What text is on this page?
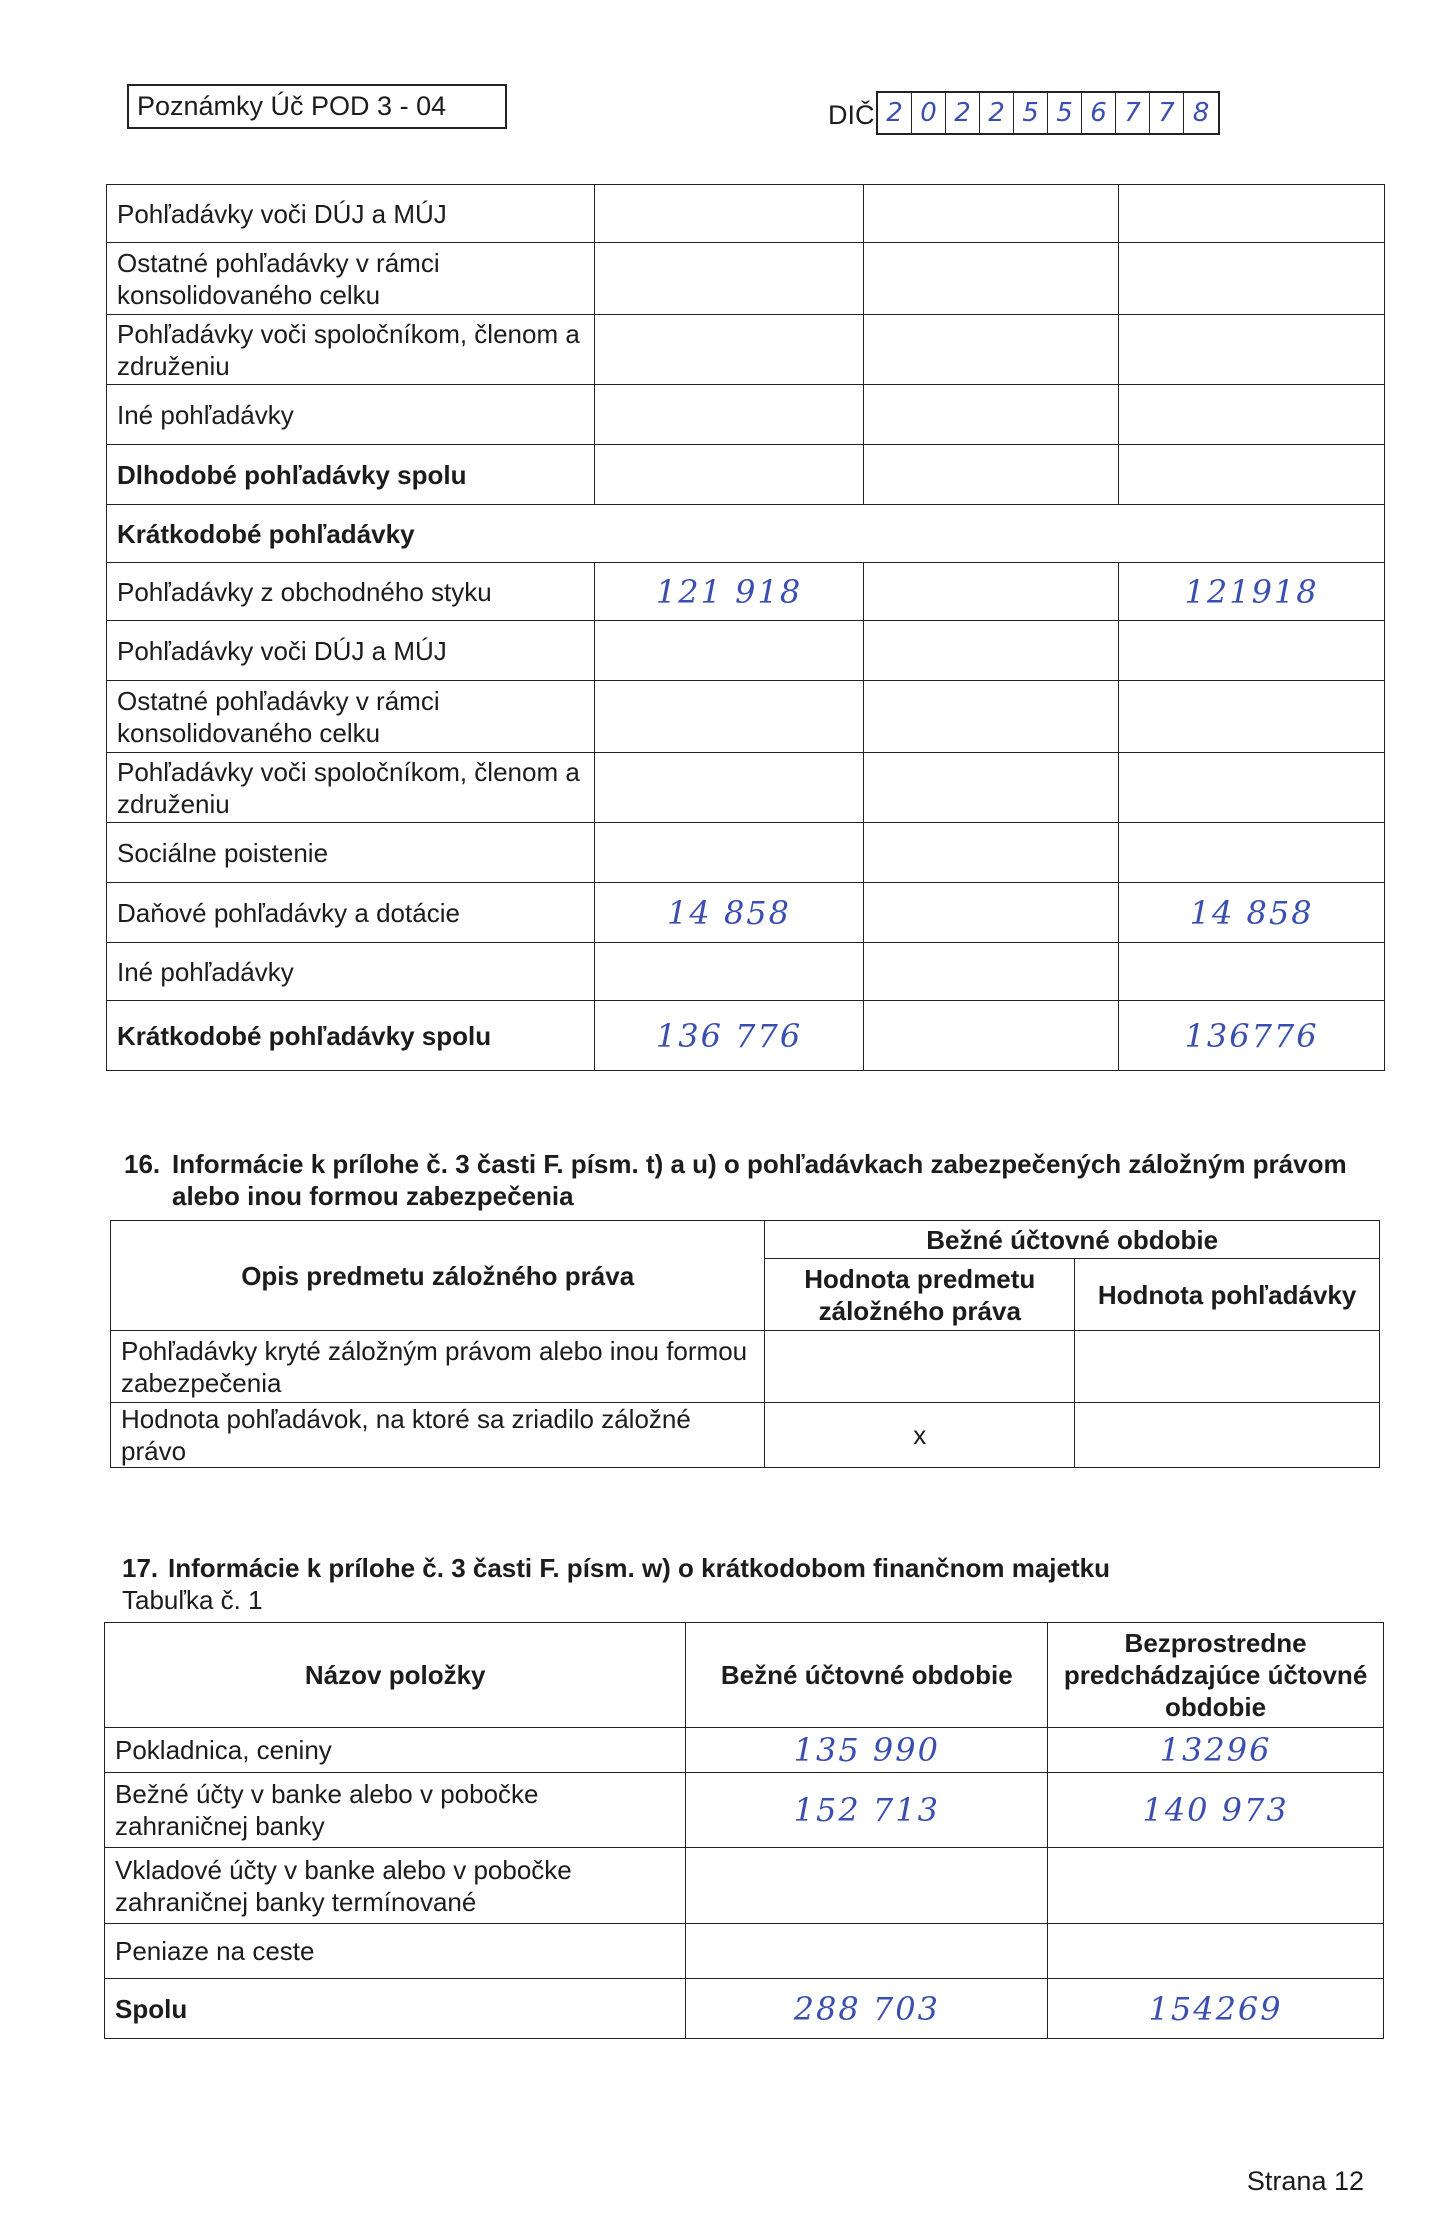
Poznámky Úč POD 3 - 04	DIČ 2 0 2 2 5 5 6 7 7 8
Pohľadávky voči DÚJ a MÚJ			
Ostatné pohľadávky v rámci konsolidovaného celku			
Pohľadávky voči spoločníkom, členom a združeniu			
Iné pohľadávky			
Dlhodobé pohľadávky spolu			
Krátkodobé pohľadávky			
Pohľadávky z obchodného styku	121 918		121918
Pohľadávky voči DÚJ a MÚJ			
Ostatné pohľadávky v rámci konsolidovaného celku			
Pohľadávky voči spoločníkom, členom a združeniu			
Sociálne poistenie			
Daňové pohľadávky a dotácie	14 858		14 858
Iné pohľadávky			
Krátkodobé pohľadávky spolu	136 776		136776
16. Informácie k prílohe č. 3 časti F. písm. t) a u) o pohľadávkach zabezpečených záložným právom alebo inou formou zabezpečenia
Opis predmetu záložného práva	Bežné účtovné obdobie	
	Hodnota predmetu záložného práva	Hodnota pohľadávky
Pohľadávky kryté záložným právom alebo inou formou zabezpečenia		
Hodnota pohľadávok, na ktoré sa zriadilo záložné právo	x	
17. Informácie k prílohe č. 3 časti F. písm. w) o krátkodobom finančnom majetku
Tabuľka č. 1
Názov položky	Bežné účtovné obdobie	Bezprostredne predchádzajúce účtovné obdobie
Pokladnica, ceniny	135 990	13296
Bežné účty v banke alebo v pobočke zahraničnej banky	152 713	140 973
Vkladové účty v banke alebo v pobočke zahraničnej banky termínované		
Peniaze na ceste		
Spolu	288 703	154269
Strana 12
